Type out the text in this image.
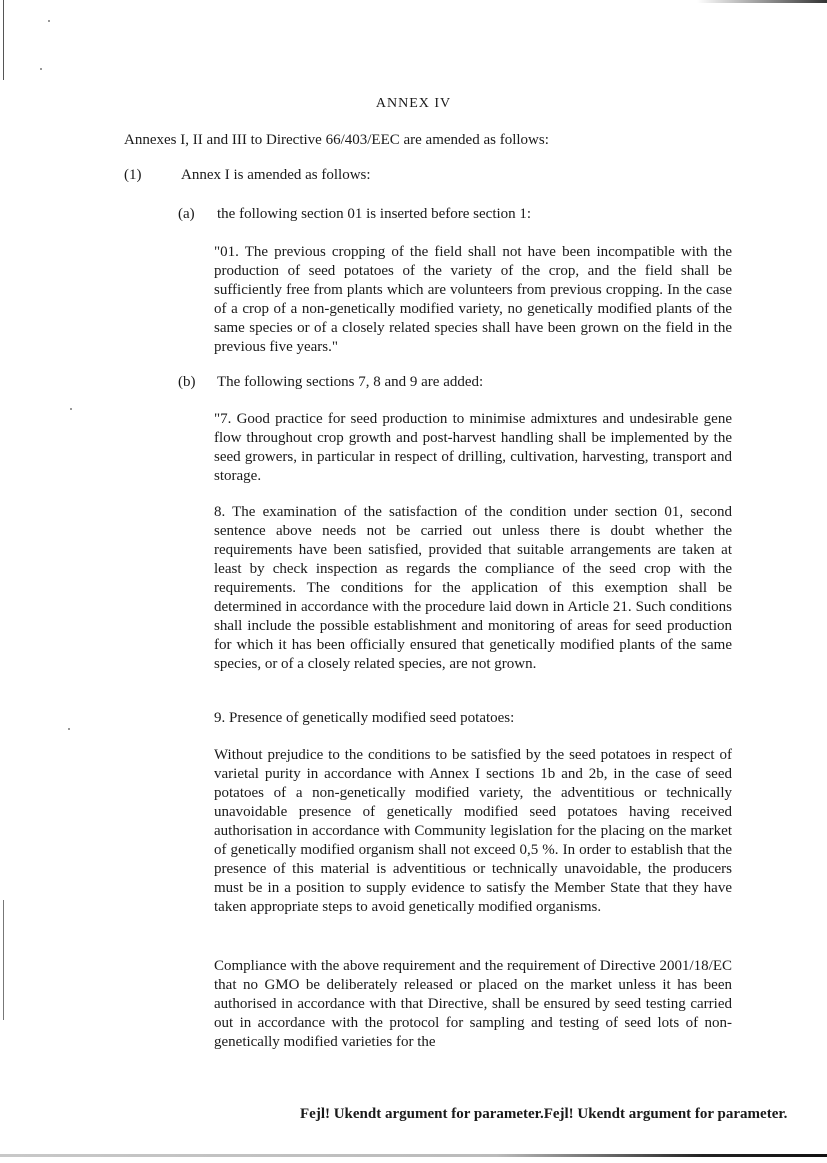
ANNEX IV
Annexes I, II and III to Directive 66/403/EEC are amended as follows:
(1)	Annex I is amended as follows:
(a) the following section 01 is inserted before section 1:
"01. The previous cropping of the field shall not have been incompatible with the production of seed potatoes of the variety of the crop, and the field shall be sufficiently free from plants which are volunteers from previous cropping. In the case of a crop of a non-genetically modified variety, no genetically modified plants of the same species or of a closely related species shall have been grown on the field in the previous five years."
(b) The following sections 7, 8 and 9 are added:
"7. Good practice for seed production to minimise admixtures and undesirable gene flow throughout crop growth and post-harvest handling shall be implemented by the seed growers, in particular in respect of drilling, cultivation, harvesting, transport and storage.
8. The examination of the satisfaction of the condition under section 01, second sentence above needs not be carried out unless there is doubt whether the requirements have been satisfied, provided that suitable arrangements are taken at least by check inspection as regards the compliance of the seed crop with the requirements. The conditions for the application of this exemption shall be determined in accordance with the procedure laid down in Article 21. Such conditions shall include the possible establishment and monitoring of areas for seed production for which it has been officially ensured that genetically modified plants of the same species, or of a closely related species, are not grown.
9. Presence of genetically modified seed potatoes:
Without prejudice to the conditions to be satisfied by the seed potatoes in respect of varietal purity in accordance with Annex I sections 1b and 2b, in the case of seed potatoes of a non-genetically modified variety, the adventitious or technically unavoidable presence of genetically modified seed potatoes having received authorisation in accordance with Community legislation for the placing on the market of genetically modified organism shall not exceed 0,5 %. In order to establish that the presence of this material is adventitious or technically unavoidable, the producers must be in a position to supply evidence to satisfy the Member State that they have taken appropriate steps to avoid genetically modified organisms.
Compliance with the above requirement and the requirement of Directive 2001/18/EC that no GMO be deliberately released or placed on the market unless it has been authorised in accordance with that Directive, shall be ensured by seed testing carried out in accordance with the protocol for sampling and testing of seed lots of non-genetically modified varieties for the
Fejl! Ukendt argument for parameter.Fejl! Ukendt argument for parameter.
